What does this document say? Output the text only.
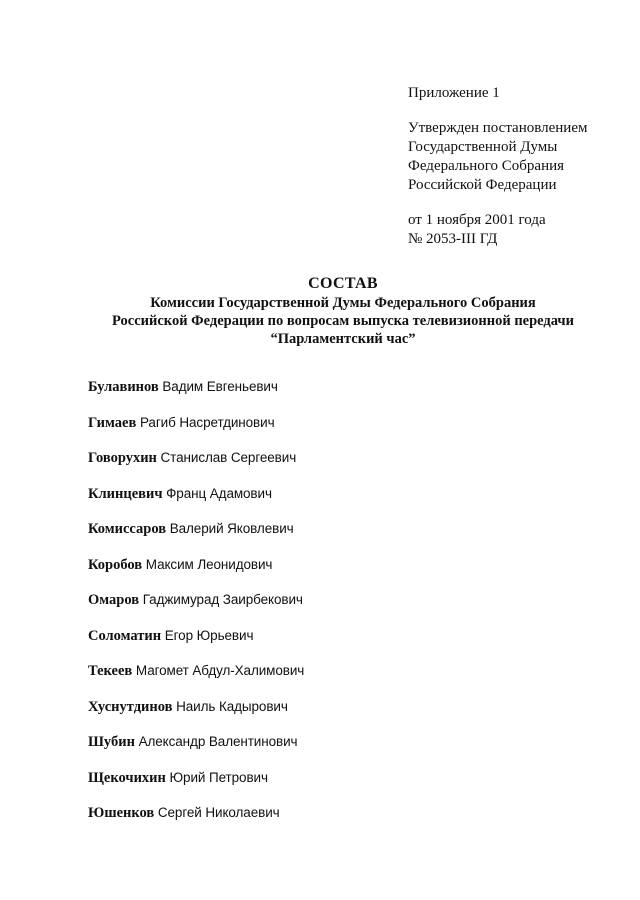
Приложение 1
Утвержден постановлением
Государственной Думы
Федерального Собрания
Российской Федерации
от 1 ноября 2001 года
№ 2053-III ГД
СОСТАВ
Комиссии Государственной Думы Федерального Собрания
Российской Федерации по вопросам выпуска телевизионной передачи
“Парламентский час”
Булавинов Вадим Евгеньевич
Гимаев Рагиб Насретдинович
Говорухин Станислав Сергеевич
Клинцевич Франц Адамович
Комиссаров Валерий Яковлевич
Коробов Максим Леонидович
Омаров Гаджимурад Заирбекович
Соломатин Егор Юрьевич
Текеев Магомет Абдул-Халимович
Хуснутдинов Наиль Кадырович
Шубин Александр Валентинович
Щекочихин Юрий Петрович
Юшенков Сергей Николаевич
